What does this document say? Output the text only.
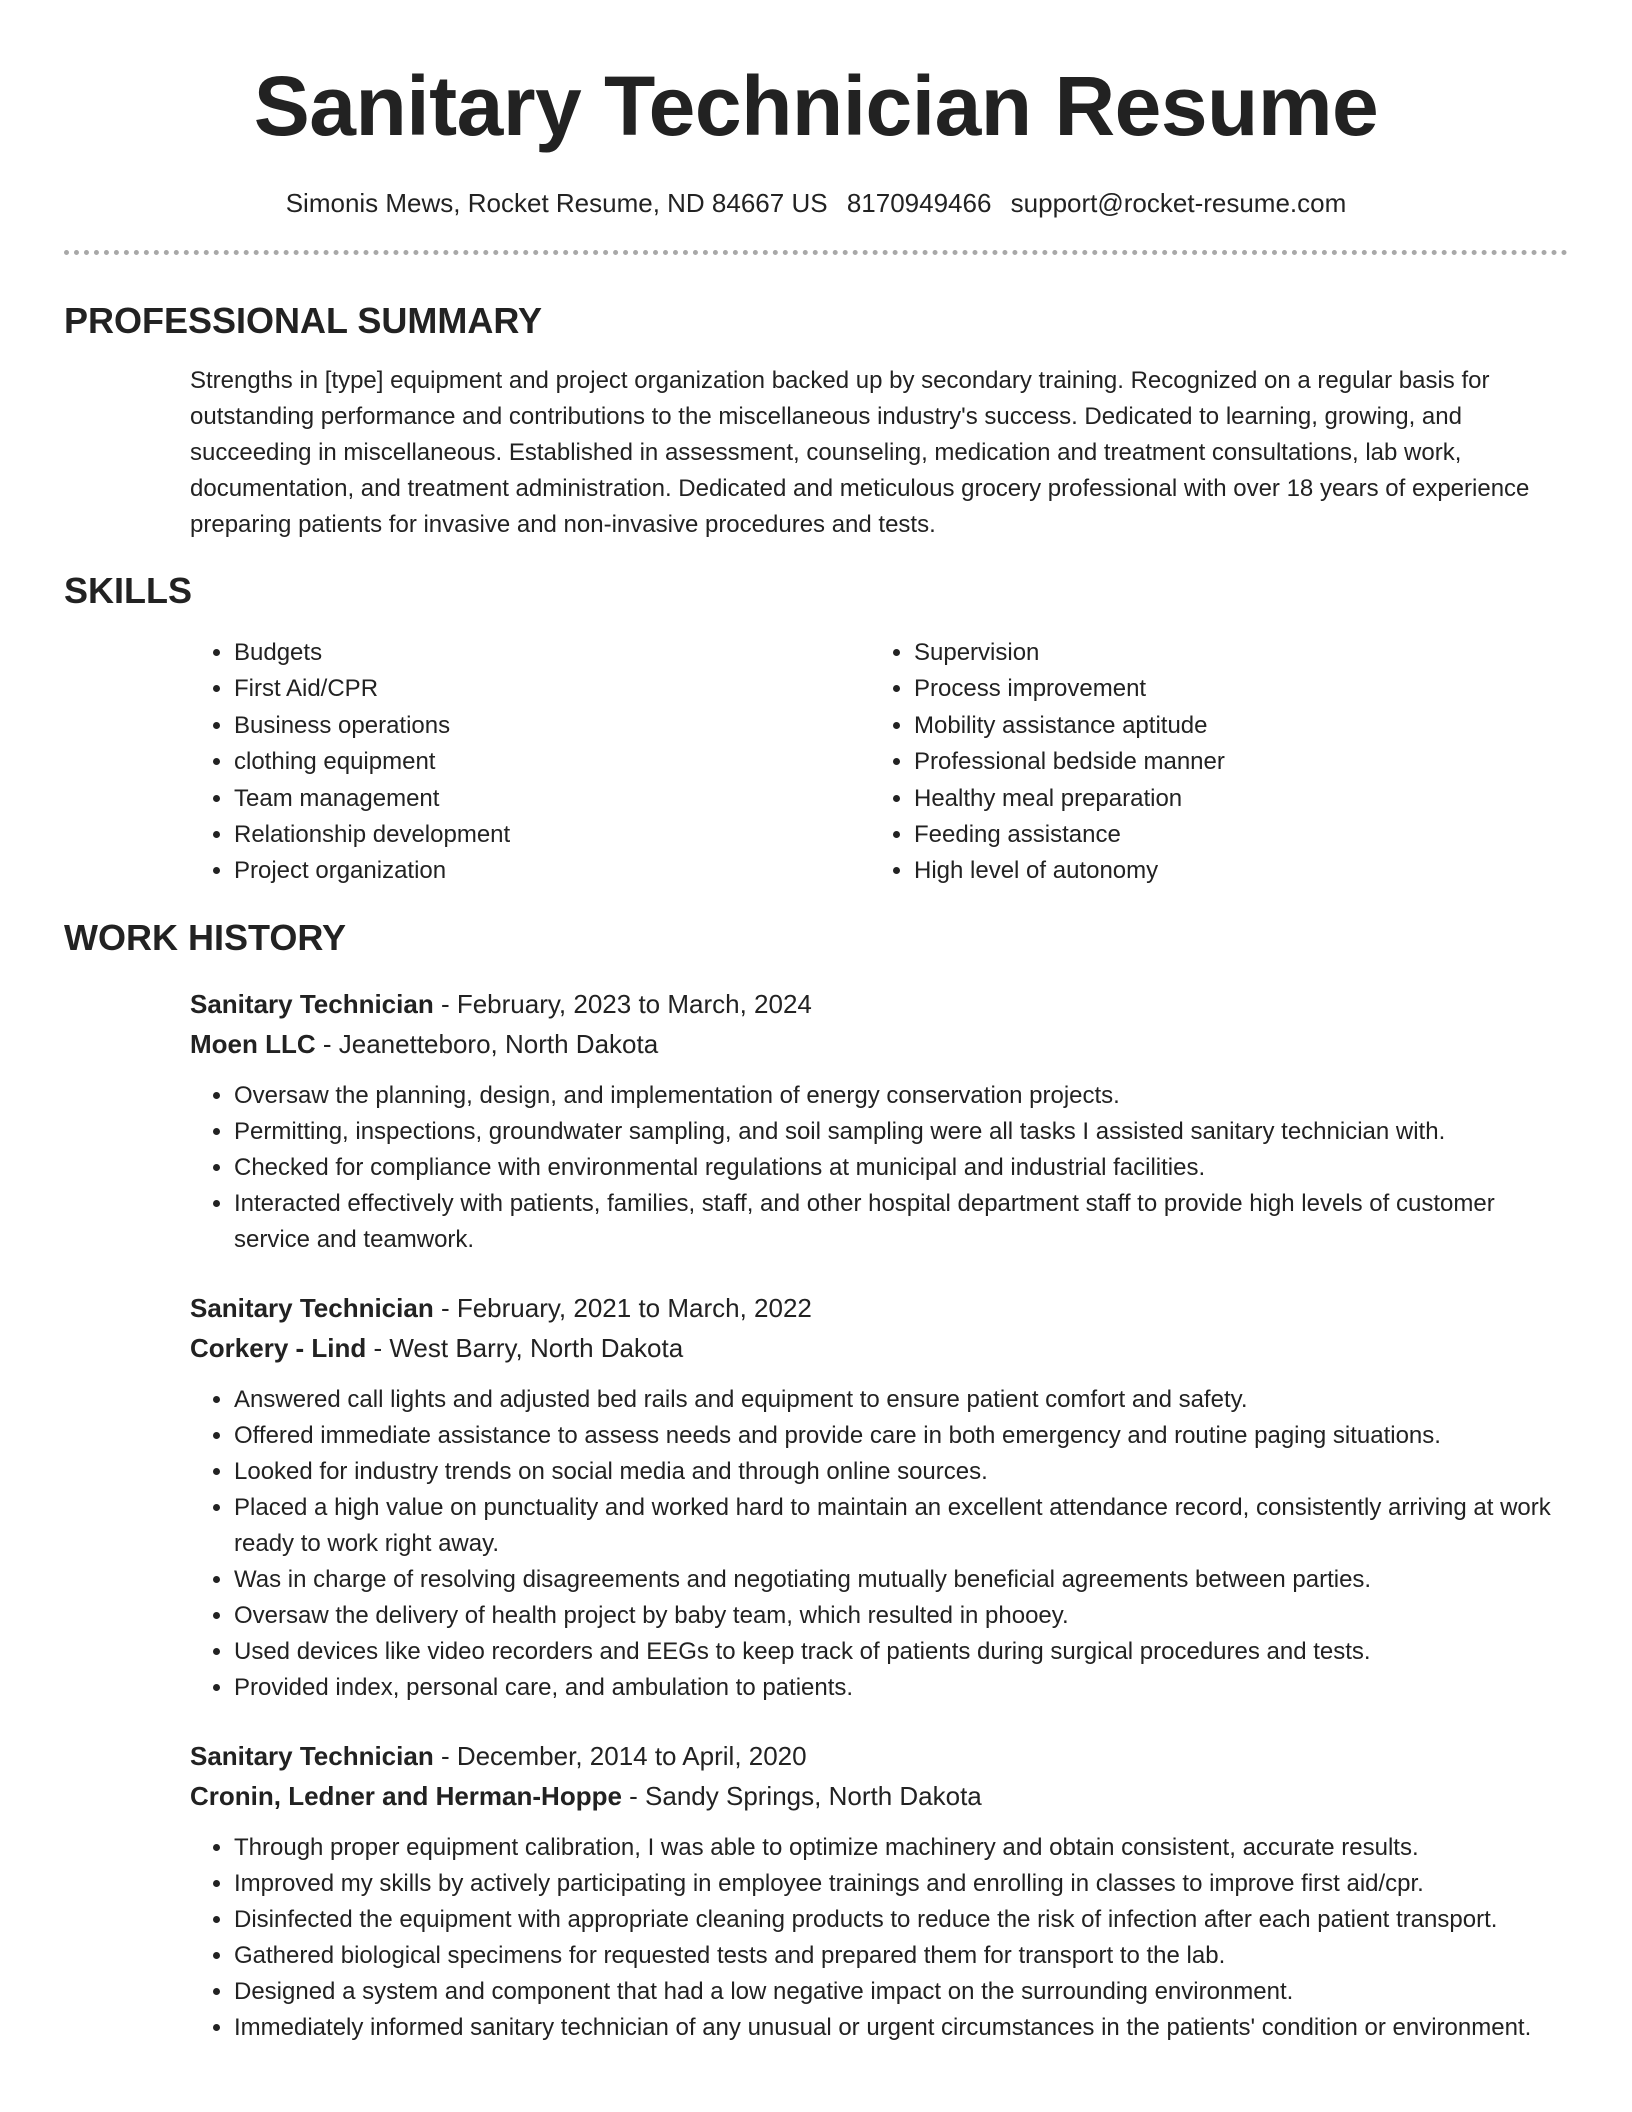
Sanitary Technician Resume
Simonis Mews, Rocket Resume, ND 84667 US 8170949466 support@rocket-resume.com
PROFESSIONAL SUMMARY

Strengths in [type] equipment and project organization backed up by secondary training. Recognized on a regular basis for outstanding performance and contributions to the miscellaneous industry's success. Dedicated to learning, growing, and succeeding in miscellaneous. Established in assessment, counseling, medication and treatment consultations, lab work, documentation, and treatment administration. Dedicated and meticulous grocery professional with over 18 years of experience preparing patients for invasive and non-invasive procedures and tests.

SKILLS
• Budgets
• First Aid/CPR
• Business operations
• clothing equipment
• Team management
• Relationship development
• Project organization
• Supervision
• Process improvement
• Mobility assistance aptitude
• Professional bedside manner
• Healthy meal preparation
• Feeding assistance
• High level of autonomy
WORK HISTORY
Sanitary Technician - February, 2023 to March, 2024
Moen LLC - Jeanetteboro, North Dakota
• Oversaw the planning, design, and implementation of energy conservation projects.
• Permitting, inspections, groundwater sampling, and soil sampling were all tasks I assisted sanitary technician with.
• Checked for compliance with environmental regulations at municipal and industrial facilities.
• Interacted effectively with patients, families, staff, and other hospital department staff to provide high levels of customer service and teamwork.
Sanitary Technician - February, 2021 to March, 2022
Corkery - Lind - West Barry, North Dakota
• Answered call lights and adjusted bed rails and equipment to ensure patient comfort and safety.
• Offered immediate assistance to assess needs and provide care in both emergency and routine paging situations.
• Looked for industry trends on social media and through online sources.
• Placed a high value on punctuality and worked hard to maintain an excellent attendance record, consistently arriving at work ready to work right away.
• Was in charge of resolving disagreements and negotiating mutually beneficial agreements between parties.
• Oversaw the delivery of health project by baby team, which resulted in phooey.
• Used devices like video recorders and EEGs to keep track of patients during surgical procedures and tests.
• Provided index, personal care, and ambulation to patients.
Sanitary Technician - December, 2014 to April, 2020
Cronin, Ledner and Herman-Hoppe - Sandy Springs, North Dakota
• Through proper equipment calibration, I was able to optimize machinery and obtain consistent, accurate results.
• Improved my skills by actively participating in employee trainings and enrolling in classes to improve first aid/cpr.
• Disinfected the equipment with appropriate cleaning products to reduce the risk of infection after each patient transport.
• Gathered biological specimens for requested tests and prepared them for transport to the lab.
• Designed a system and component that had a low negative impact on the surrounding environment.
• Immediately informed sanitary technician of any unusual or urgent circumstances in the patients' condition or environment.
